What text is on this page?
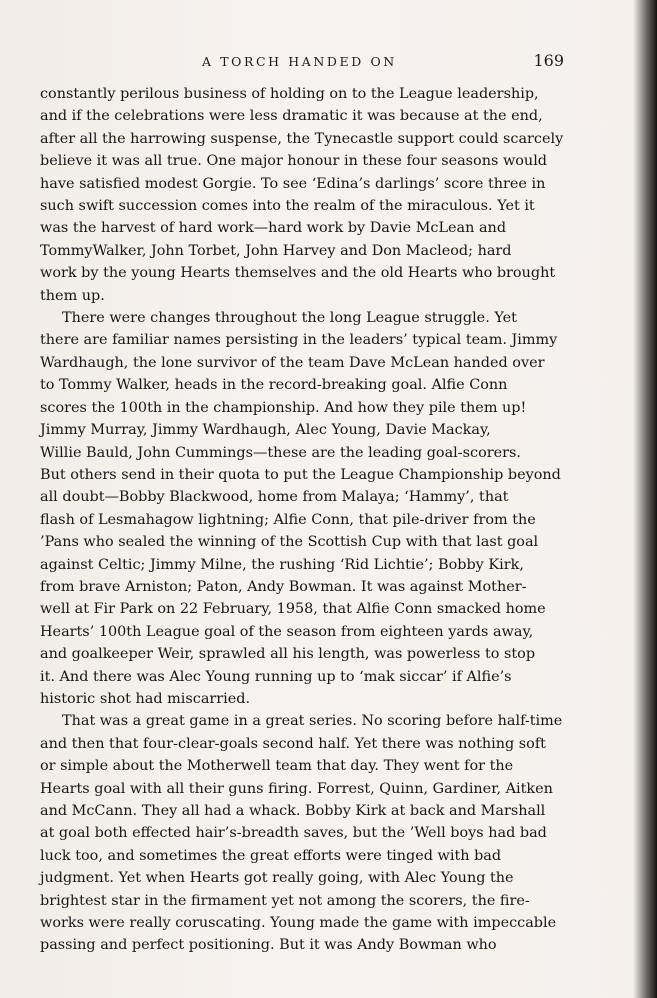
A TORCH HANDED ON	169
constantly perilous business of holding on to the League leadership,
and if the celebrations were less dramatic it was because at the end,
after all the harrowing suspense, the Tynecastle support could scarcely
believe it was all true. One major honour in these four seasons would
have satisfied modest Gorgie. To see ‘Edina’s darlings’ score three in
such swift succession comes into the realm of the miraculous. Yet it
was the harvest of hard work—hard work by Davie McLean and
TommyWalker, John Torbet, John Harvey and Don Macleod; hard
work by the young Hearts themselves and the old Hearts who brought
them up.
There were changes throughout the long League struggle. Yet
there are familiar names persisting in the leaders’ typical team. Jimmy
Wardhaugh, the lone survivor of the team Dave McLean handed over
to Tommy Walker, heads in the record-breaking goal. Alfie Conn
scores the 100th in the championship. And how they pile them up!
Jimmy Murray, Jimmy Wardhaugh, Alec Young, Davie Mackay,
Willie Bauld, John Cummings—these are the leading goal-scorers.
But others send in their quota to put the League Championship beyond
all doubt—Bobby Blackwood, home from Malaya; ‘Hammy’, that
flash of Lesmahagow lightning; Alfie Conn, that pile-driver from the
’Pans who sealed the winning of the Scottish Cup with that last goal
against Celtic; Jimmy Milne, the rushing ‘Rid Lichtie’; Bobby Kirk,
from brave Arniston; Paton, Andy Bowman. It was against Mother-
well at Fir Park on 22 February, 1958, that Alfie Conn smacked home
Hearts’ 100th League goal of the season from eighteen yards away,
and goalkeeper Weir, sprawled all his length, was powerless to stop
it. And there was Alec Young running up to ‘mak siccar’ if Alfie’s
historic shot had miscarried.
That was a great game in a great series. No scoring before half-time
and then that four-clear-goals second half. Yet there was nothing soft
or simple about the Motherwell team that day. They went for the
Hearts goal with all their guns firing. Forrest, Quinn, Gardiner, Aitken
and McCann. They all had a whack. Bobby Kirk at back and Marshall
at goal both effected hair’s-breadth saves, but the ’Well boys had bad
luck too, and sometimes the great efforts were tinged with bad
judgment. Yet when Hearts got really going, with Alec Young the
brightest star in the firmament yet not among the scorers, the fire-
works were really coruscating. Young made the game with impeccable
passing and perfect positioning. But it was Andy Bowman who
